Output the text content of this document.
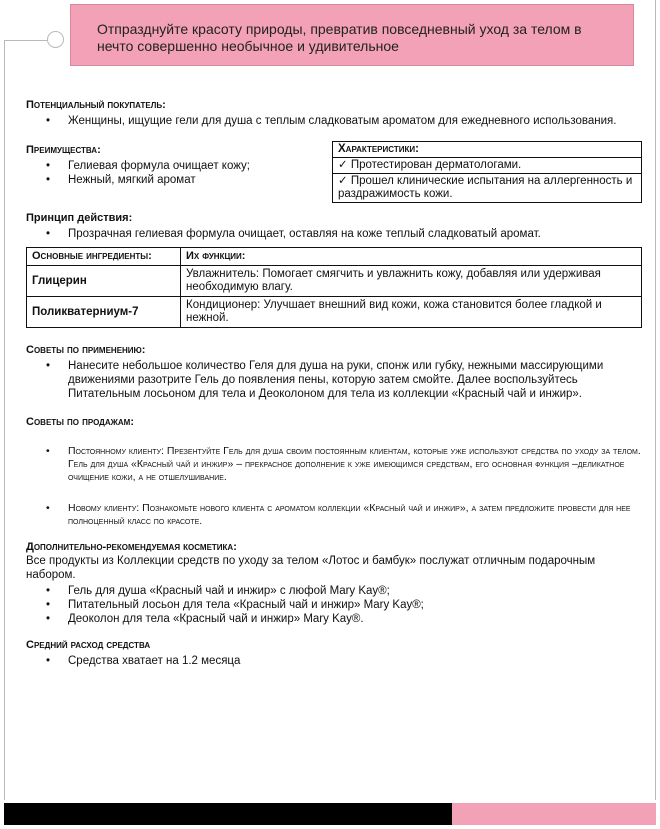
Отпразднуйте красоту природы, превратив повседневный уход за телом в нечто совершенно необычное и удивительное

Потенциальный покупатель:

• Женщины, ищущие гели для душа с теплым сладковатым ароматом для ежедневного использования.

Преимущества:

• Гелиевая формула очищает кожу;
• Нежный, мягкий аромат
Характеристики:
✓ Протестирован дерматологами.
✓ Прошел клинические испытания на аллергенность и раздражимость кожи.

Принцип действия:

• Прозрачная гелиевая формула очищает, оставляя на коже теплый сладковатый аромат.
Основные ингредиенты:	Их функции:
Глицерин	Увлажнитель: Помогает смягчить и увлажнить кожу, добавляя или удерживая необходимую влагу.
Поликватерниум-7	Кондиционер: Улучшает внешний вид кожи, кожа становится более гладкой и нежной.

Советы по применению:

• Нанесите небольшое количество Геля для душа на руки, спонж или губку, нежными массирующими движениями разотрите Гель до появления пены, которую затем смойте. Далее воспользуйтесь Питательным лосьоном для тела и Деоколоном для тела из коллекции «Красный чай и инжир».

Советы по продажам:

• Постоянному клиенту: Презентуйте Гель для душа своим постоянным клиентам, которые уже используют средства по уходу за телом. Гель для душа «Красный чай и инжир» – прекрасное дополнение к уже имеющимся средствам, его основная функция –деликатное очищение кожи, а не отшелушивание.
• Новому клиенту: Познакомьте нового клиента с ароматом коллекции «Красный чай и инжир», а затем предложите провести для нее полноценный класс по красоте.

Дополнительно-рекомендуемая косметика:

Все продукты из Коллекции средств по уходу за телом «Лотос и бамбук» послужат отличным подарочным набором.
• Гель для душа «Красный чай и инжир» с люфой Mary Kay®;
• Питательный лосьон для тела «Красный чай и инжир» Mary Kay®;
• Деоколон для тела «Красный чай и инжир» Mary Kay®.

Средний расход средства

• Средства хватает на 1.2 месяца
